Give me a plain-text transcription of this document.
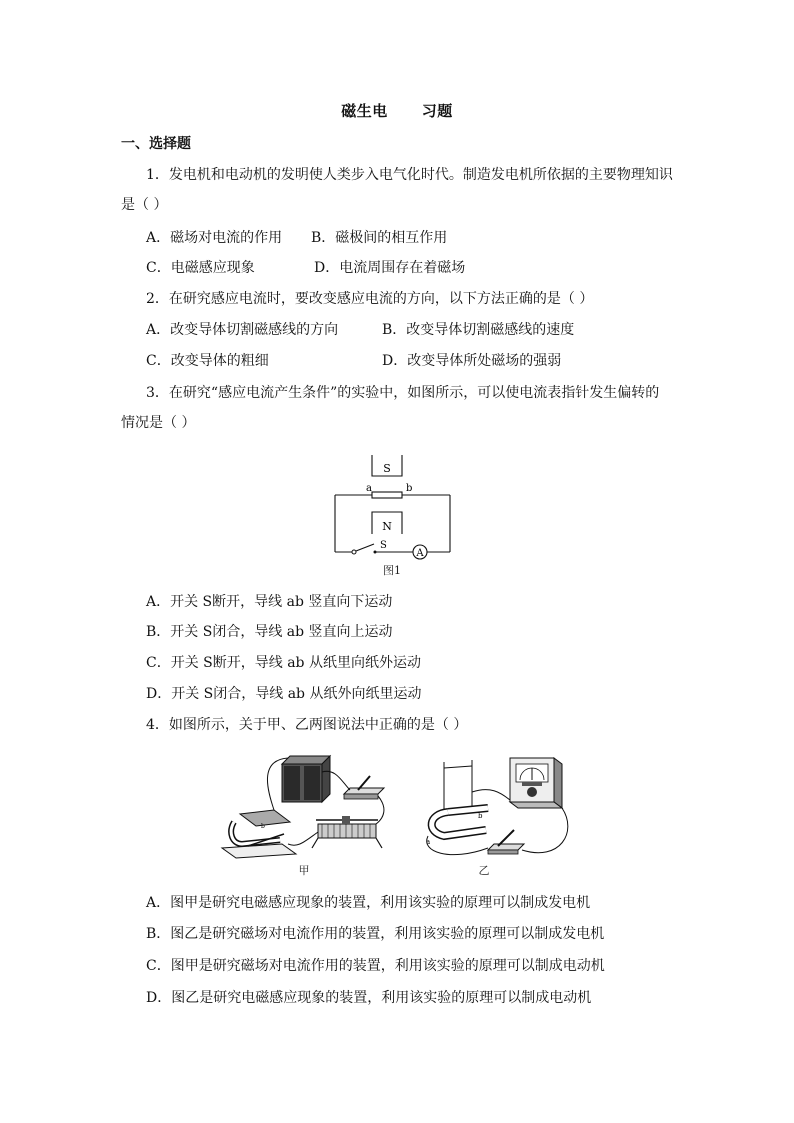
磁生电 习题
一、选择题
1．发电机和电动机的发明使人类步入电气化时代。制造发电机所依据的主要物理知识
是（ ）
A．磁场对电流的作用 B．磁极间的相互作用
C．电磁感应现象	D．电流周围存在着磁场
2．在研究感应电流时，要改变感应电流的方向，以下方法正确的是（ ）
A．改变导体切割磁感线的方向	B．改变导体切割磁感线的速度
C．改变导体的粗细	D．改变导体所处磁场的强弱
3．在研究“感应电流产生条件”的实验中，如图所示，可以使电流表指针发生偏转的
情况是（ ）
S
a	b
N
S
A
图1
A．开关 S断开，导线 ab 竖直向下运动
B．开关 S闭合，导线 ab 竖直向上运动
C．开关 S断开，导线 ab 从纸里向纸外运动
D．开关 S闭合，导线 ab 从纸外向纸里运动
4．如图所示，关于甲、乙两图说法中正确的是（ ）
b
甲
b
a
乙
A．图甲是研究电磁感应现象的装置，利用该实验的原理可以制成发电机
B．图乙是研究磁场对电流作用的装置，利用该实验的原理可以制成发电机
C．图甲是研究磁场对电流作用的装置，利用该实验的原理可以制成电动机
D．图乙是研究电磁感应现象的装置，利用该实验的原理可以制成电动机
